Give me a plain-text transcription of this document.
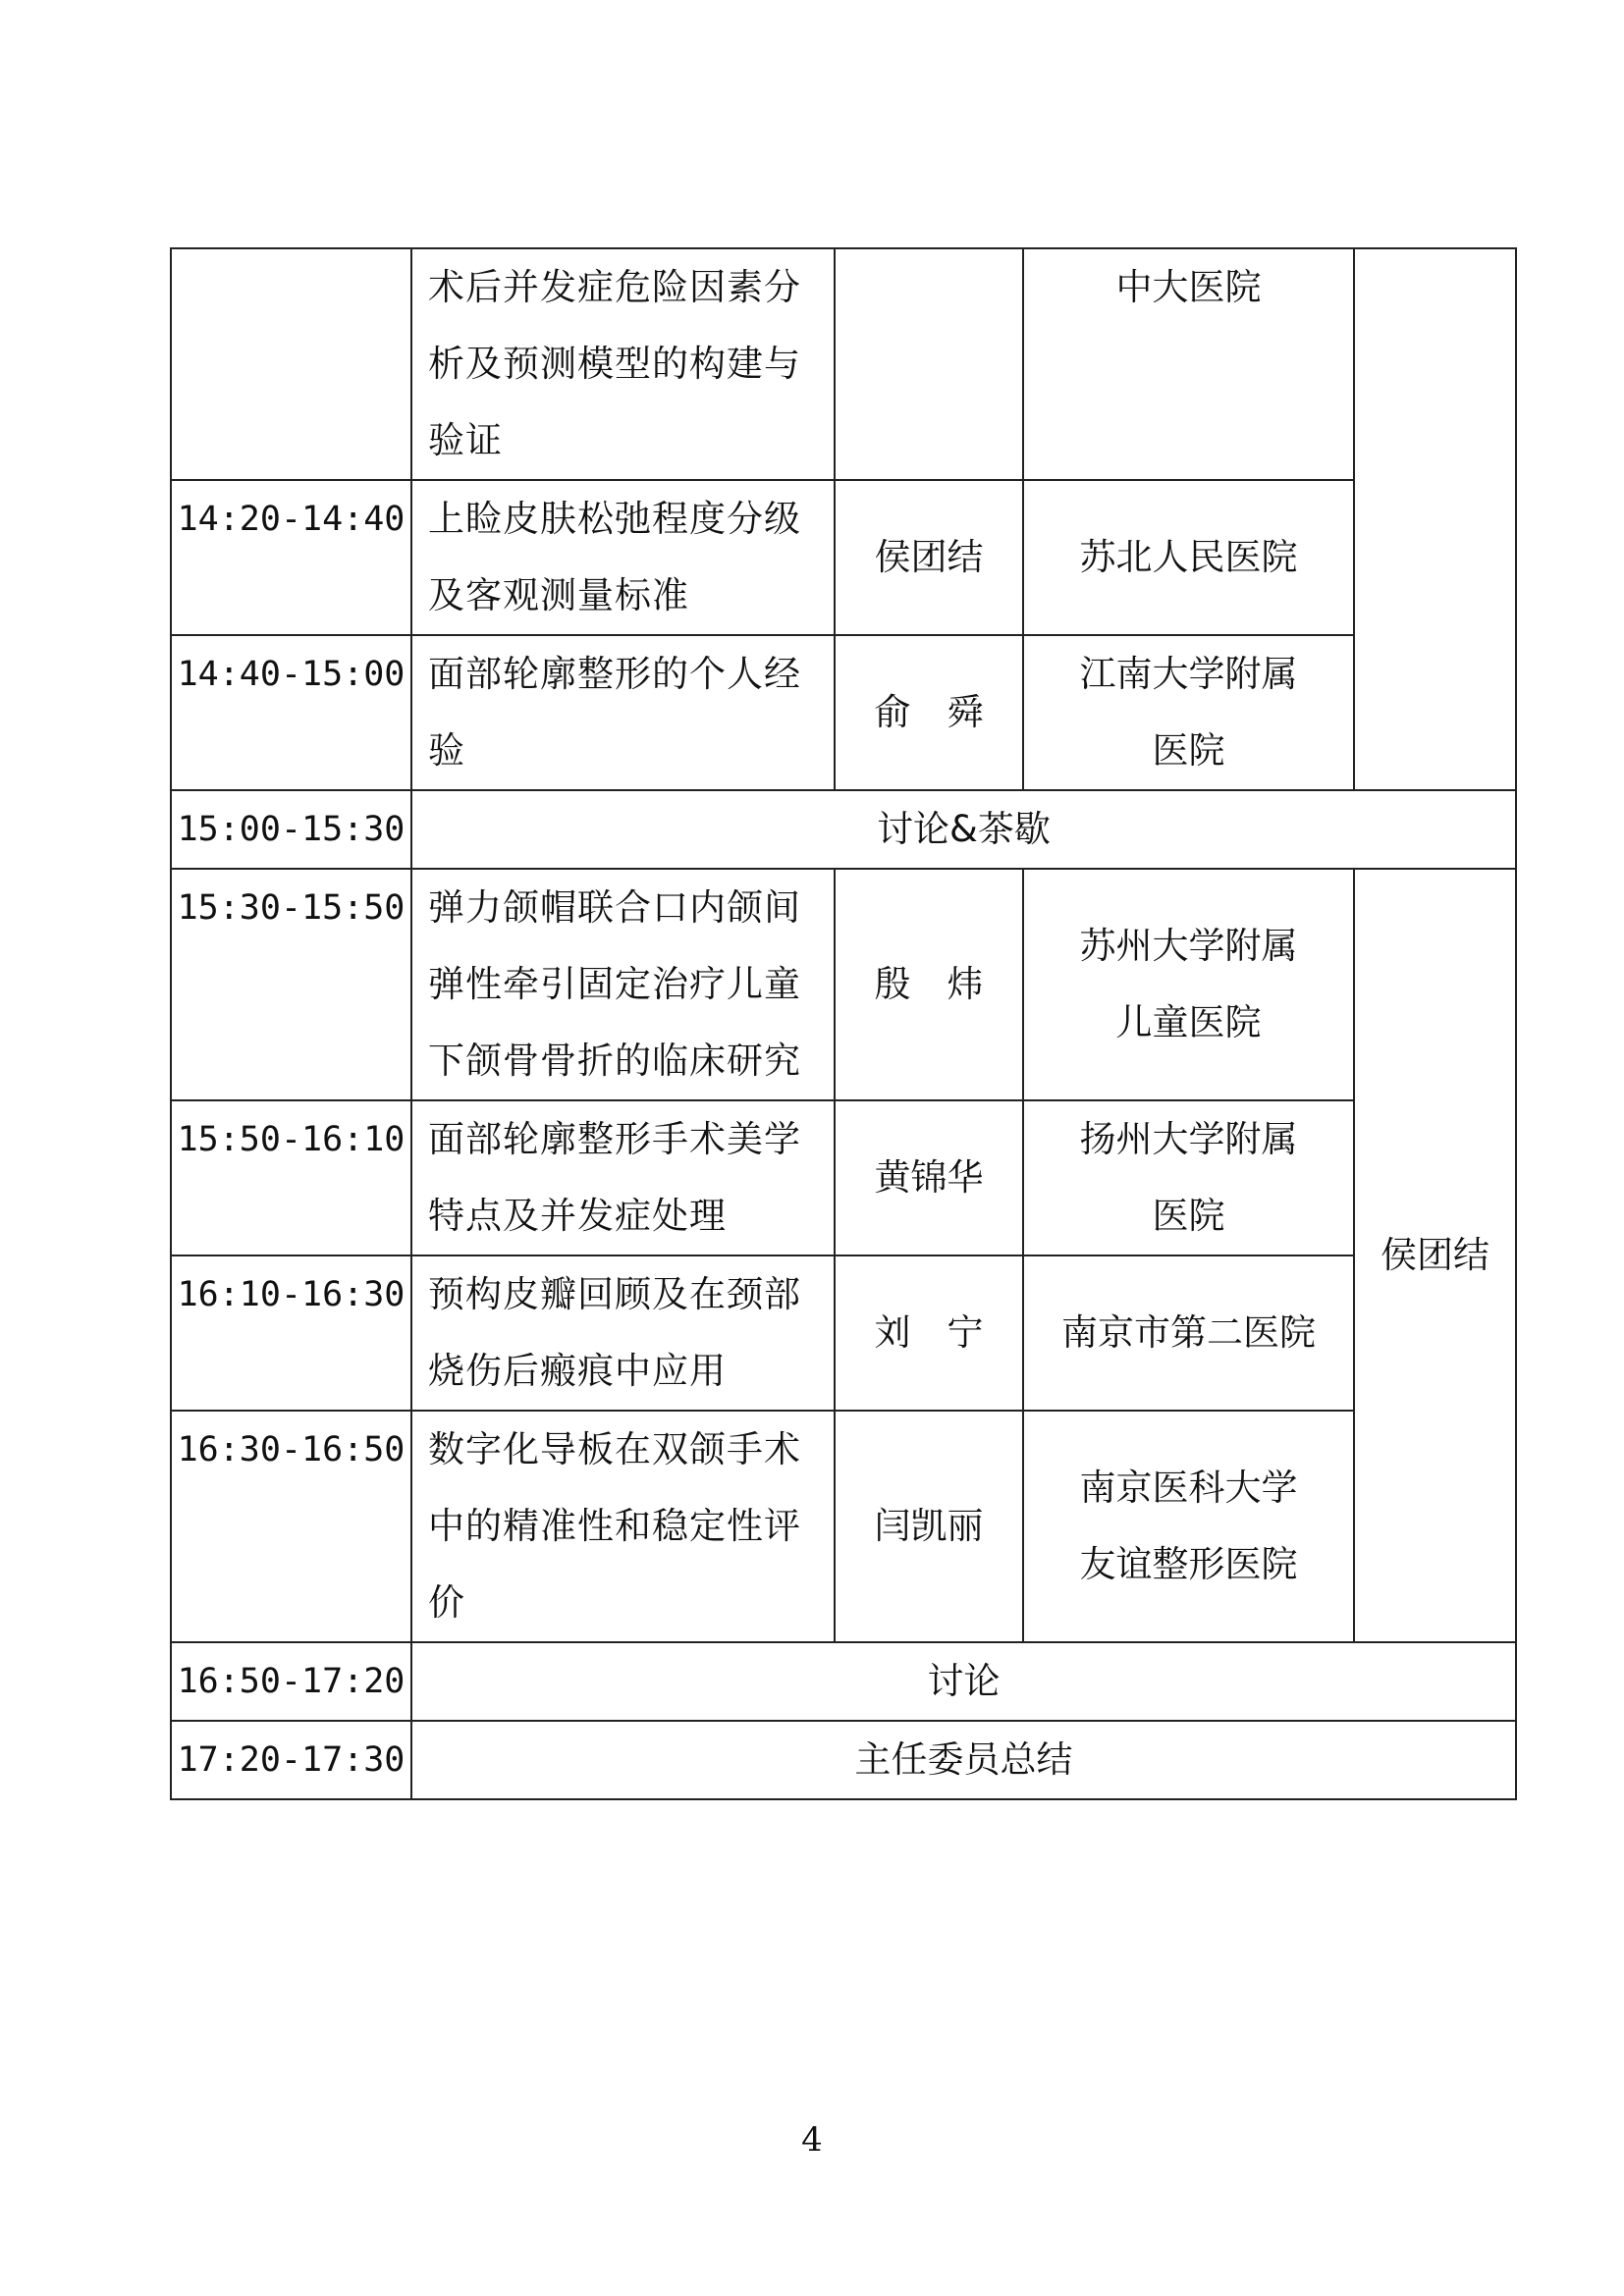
	术后并发症危险因素分
析及预测模型的构建与
验证		中大医院	

14:20-14:40	上睑皮肤松弛程度分级
及客观测量标准	侯团结	苏北人民医院	

14:40-15:00	面部轮廓整形的个人经
验	俞　舜	江南大学附属
医院	

15:00-15:30	讨论&茶歇			
15:30-15:50	弹力颌帽联合口内颌间
弹性牵引固定治疗儿童
下颌骨骨折的临床研究	殷　炜	苏州大学附属
儿童医院	侯团结
15:50-16:10	面部轮廓整形手术美学
特点及并发症处理	黄锦华	扬州大学附属
医院	

16:10-16:30	预构皮瓣回顾及在颈部
烧伤后瘢痕中应用	刘　宁	南京市第二医院	

16:30-16:50	数字化导板在双颌手术
中的精准性和稳定性评
价	闫凯丽	南京医科大学
友谊整形医院	

16:50-17:20	讨论			
17:20-17:30	主任委员总结			
4
